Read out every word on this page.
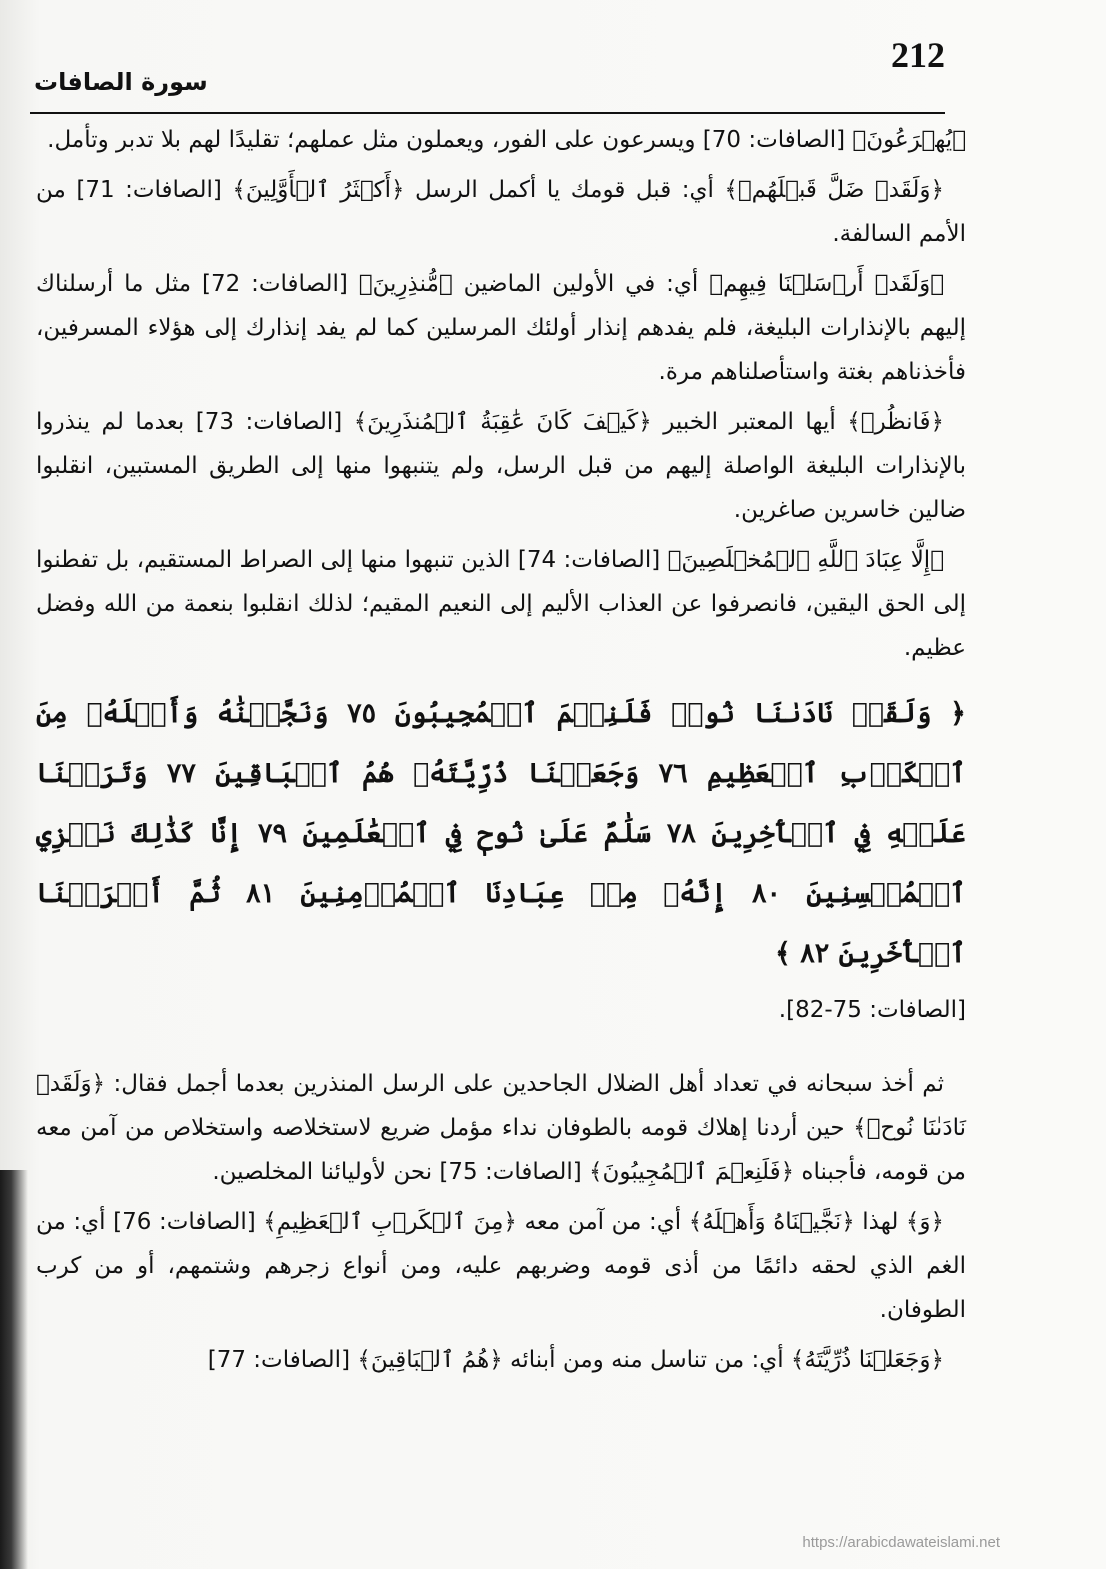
212
سورة الصافات

﴿يُهۡرَعُونَ﴾ [الصافات: 70] ويسرعون على الفور، ويعملون مثل عملهم؛ تقليدًا لهم بلا تدبر وتأمل.

﴿وَلَقَدۡ ضَلَّ قَبۡلَهُمۡ﴾ أي: قبل قومك يا أكمل الرسل ﴿أَكۡثَرُ ٱلۡأَوَّلِينَ﴾ [الصافات: 71] من الأمم السالفة.

﴿وَلَقَدۡ أَرۡسَلۡنَا فِيهِم﴾ أي: في الأولين الماضين ﴿مُّنذِرِينَ﴾ [الصافات: 72] مثل ما أرسلناك إليهم بالإنذارات البليغة، فلم يفدهم إنذار أولئك المرسلين كما لم يفد إنذارك إلى هؤلاء المسرفين، فأخذناهم بغتة واستأصلناهم مرة.

﴿فَانظُرۡ﴾ أيها المعتبر الخبير ﴿كَيۡفَ كَانَ عَٰقِبَةُ ٱلۡمُنذَرِينَ﴾ [الصافات: 73] بعدما لم ينذروا بالإنذارات البليغة الواصلة إليهم من قبل الرسل، ولم يتنبهوا منها إلى الطريق المستبين، انقلبوا ضالين خاسرين صاغرين.

﴿إِلَّا عِبَادَ ٱللَّهِ ٱلۡمُخۡلَصِينَ﴾ [الصافات: 74] الذين تنبهوا منها إلى الصراط المستقيم، بل تفطنوا إلى الحق اليقين، فانصرفوا عن العذاب الأليم إلى النعيم المقيم؛ لذلك انقلبوا بنعمة من الله وفضل عظيم.

﴿ وَلَقَدۡ نَادَىٰنَا نُوحٞ فَلَنِعۡمَ ٱلۡمُجِيبُونَ ٧٥ وَنَجَّيۡنَٰهُ وَأَهۡلَهُۥ مِنَ ٱلۡكَرۡبِ ٱلۡعَظِيمِ ٧٦ وَجَعَلۡنَا ذُرِّيَّتَهُۥ هُمُ ٱلۡبَاقِينَ ٧٧ وَتَرَكۡنَا عَلَيۡهِ فِي ٱلۡأٓخِرِينَ ٧٨ سَلَٰمٌ عَلَىٰ نُوحٖ فِي ٱلۡعَٰلَمِينَ ٧٩ إِنَّا كَذَٰلِكَ نَجۡزِي ٱلۡمُحۡسِنِينَ ٨٠ إِنَّهُۥ مِنۡ عِبَادِنَا ٱلۡمُؤۡمِنِينَ ٨١ ثُمَّ أَغۡرَقۡنَا ٱلۡأٓخَرِينَ ٨٢ ﴾

[الصافات: 75-82].

ثم أخذ سبحانه في تعداد أهل الضلال الجاحدين على الرسل المنذرين بعدما أجمل فقال: ﴿وَلَقَدۡ نَادَىٰنَا نُوحٞ﴾ حين أردنا إهلاك قومه بالطوفان نداء مؤمل ضريع لاستخلاصه واستخلاص من آمن معه من قومه، فأجبناه ﴿فَلَنِعۡمَ ٱلۡمُجِيبُونَ﴾ [الصافات: 75] نحن لأوليائنا المخلصين.

﴿وَ﴾ لهذا ﴿نَجَّيۡنَاهُ وَأَهۡلَهُ﴾ أي: من آمن معه ﴿مِنَ ٱلۡكَرۡبِ ٱلۡعَظِيمِ﴾ [الصافات: 76] أي: من الغم الذي لحقه دائمًا من أذى قومه وضربهم عليه، ومن أنواع زجرهم وشتمهم، أو من كرب الطوفان.

﴿وَجَعَلۡنَا ذُرِّيَّتَهُ﴾ أي: من تناسل منه ومن أبنائه ﴿هُمُ ٱلۡبَاقِينَ﴾ [الصافات: 77]

https://arabicdawateislami.net
